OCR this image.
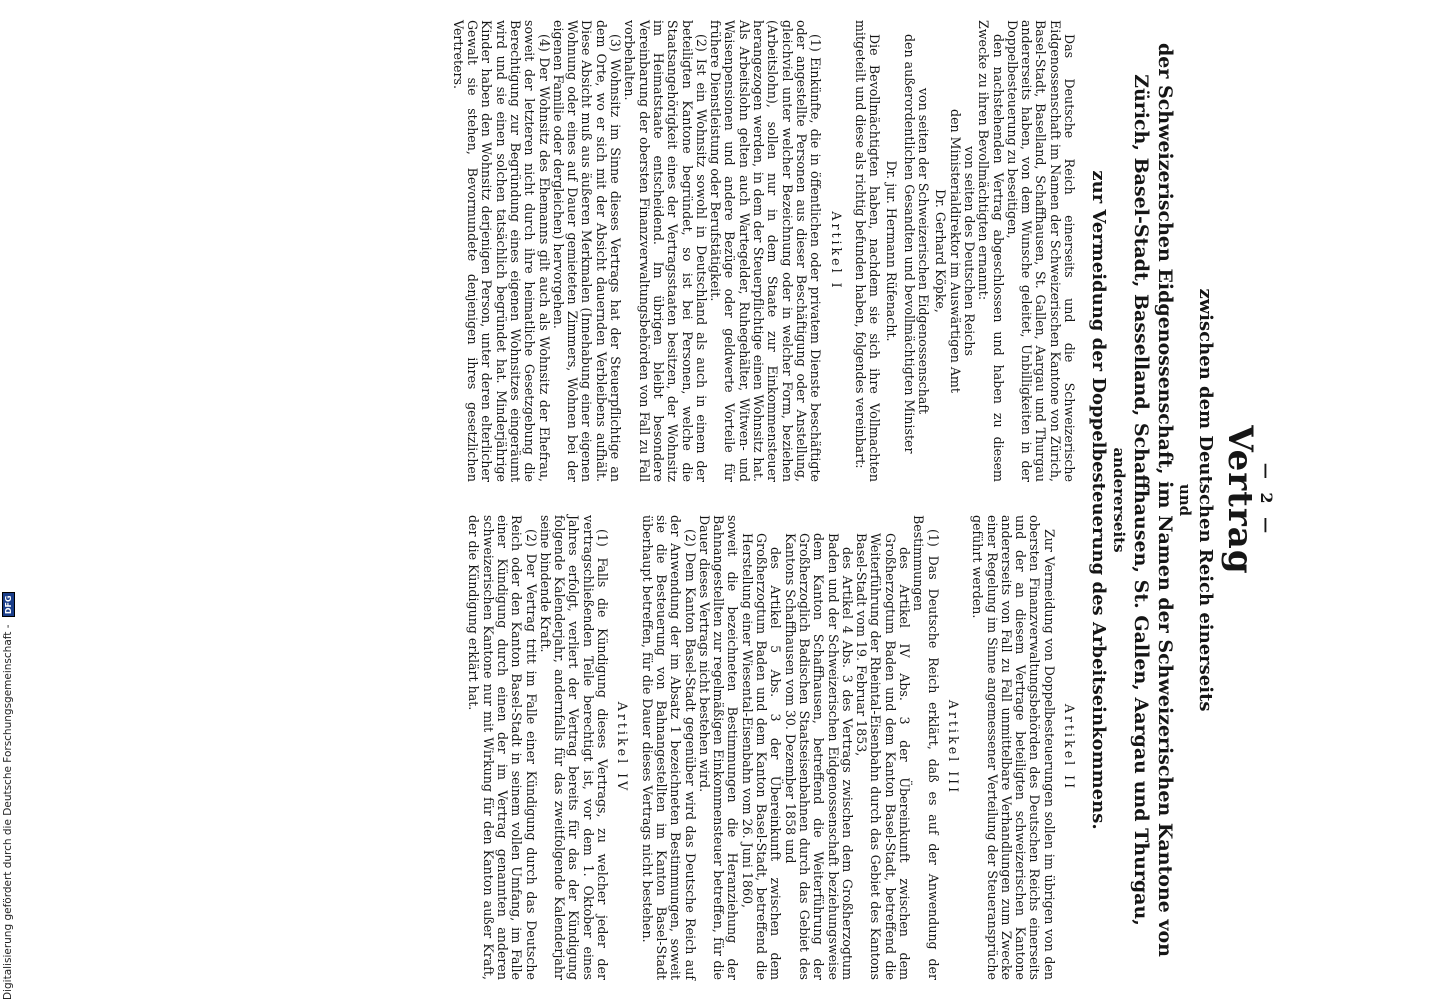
— 2 —
Vertrag
zwischen dem Deutschen Reich einerseits
und
der Schweizerischen Eidgenossenschaft, im Namen der Schweizerischen Kantone von
Zürich, Basel-Stadt, Basselland, Schaffhausen, St. Gallen, Aargau und Thurgau,
andererseits
zur Vermeidung der Doppelbesteuerung des Arbeitseinkommens.

Das Deutsche Reich einerseits und die Schweizerische Eidgenossenschaft im Namen der Schweizerischen Kantone von Zürich, Basel-Stadt, Baselland, Schaffhausen, St. Gallen, Aargau und Thurgau andererseits haben, von dem Wunsche geleitet, Unbilligkeiten in der Doppelbesteuerung zu beseitigen,

den nachstehenden Vertrag abgeschlossen und haben zu diesem Zwecke zu ihren Bevollmächtigten ernannt:

von seiten des Deutschen Reichs

den Ministerialdirektor im Auswärtigen Amt

Dr. Gerhard Köpke,

von seiten der Schweizerischen Eidgenossenschaft

den außerordentlichen Gesandten und bevollmächtigten Minister

Dr. jur. Hermann Rüfenacht.

Die Bevollmächtigten haben, nachdem sie sich ihre Vollmachten mitgeteilt und diese als richtig befunden haben, folgendes vereinbart:

Artikel I

(1) Einkünfte, die in öffentlichen oder privatem Dienste beschäftigte oder angestellte Personen aus dieser Beschäftigung oder Anstellung, gleichviel unter welcher Bezeichnung oder in welcher Form, beziehen (Arbeitslohn), sollen nur in dem Staate zur Einkommensteuer herangezogen werden, in dem der Steuerpflichtige einen Wohnsitz hat. Als Arbeitslohn gelten auch Wartegelder, Ruhegehälter, Witwen- und Waisenpensionen und andere Bezüge oder geldwerte Vorteile für frühere Dienstleistung oder Berufstätigkeit.

(2) Ist ein Wohnsitz sowohl in Deutschland als auch in einem der beteiligten Kantone begründet, so ist bei Personen, welche die Staatsangehörigkeit eines der Vertragsstaaten besitzen, der Wohnsitz im Heimatstaate entscheidend. Im übrigen bleibt besondere Vereinbarung der obersten Finanzverwaltungsbehörden von Fall zu Fall vorbehalten.

(3) Wohnsitz im Sinne dieses Vertrags hat der Steuerpflichtige an dem Orte, wo er sich mit der Absicht dauernden Verbleibens aufhält. Diese Absicht muß aus äußeren Merkmalen (Innehabung einer eigenen Wohnung oder eines auf Dauer gemieteten Zimmers, Wohnen bei der eigenen Familie oder dergleichen) hervorgehen.

(4) Der Wohnsitz des Ehemanns gilt auch als Wohnsitz der Ehefrau, soweit der letzteren nicht durch ihre heimatliche Gesetzgebung die Berechtigung zur Begründung eines eigenen Wohnsitzes eingeräumt wird und sie einen solchen tatsächlich begründet hat. Minderjährige Kinder haben den Wohnsitz derjenigen Person, unter deren elterlicher Gewalt sie stehen, Bevormundete denjenigen ihres gesetzlichen Vertreters.

Artikel II

Zur Vermeidung von Doppelbesteuerungen sollen im übrigen von den obersten Finanzverwaltungsbehörden des Deutschen Reichs einerseits und der an diesem Vertrage beteiligten schweizerischen Kantone andererseits von Fall zu Fall unmittelbare Verhandlungen zum Zwecke einer Regelung im Sinne angemessener Verteilung der Steueransprüche geführt werden.

Artikel III

(1) Das Deutsche Reich erklärt, daß es auf der Anwendung der Bestimmungen

des Artikel IV Abs. 3 der Übereinkunft zwischen dem Großherzogtum Baden und dem Kanton Basel-Stadt, betreffend die Weiterführung der Rheintal-Eisenbahn durch das Gebiet des Kantons Basel-Stadt vom 19. Februar 1853,

des Artikel 4 Abs. 3 des Vertrags zwischen dem Großherzogtum Baden und der Schweizerischen Eidgenossenschaft beziehungsweise dem Kanton Schaffhausen, betreffend die Weiterführung der Großherzoglich Badischen Staatseisenbahnen durch das Gebiet des Kantons Schaffhausen vom 30. Dezember 1858 und

des Artikel 5 Abs. 3 der Übereinkunft zwischen dem Großherzogtum Baden und dem Kanton Basel-Stadt, betreffend die Herstellung einer Wiesental-Eisenbahn vom 26. Juni 1860,

soweit die bezeichneten Bestimmungen die Heranziehung der Bahnangestellten zur regelmäßigen Einkommensteuer betreffen, für die Dauer dieses Vertrags nicht bestehen wird.

(2) Dem Kanton Basel-Stadt gegenüber wird das Deutsche Reich auf der Anwendung der im Absatz 1 bezeichneten Bestimmungen, soweit sie die Besteuerung von Bahnangestellten im Kanton Basel-Stadt überhaupt betreffen, für die Dauer dieses Vertrags nicht bestehen.

Artikel IV

(1) Falls die Kündigung dieses Vertrags, zu welcher jeder der vertragschließenden Teile berechtigt ist, vor dem 1. Oktober eines Jahres erfolgt, verliert der Vertrag bereits für das der Kündigung folgende Kalenderjahr, andernfalls für das zweitfolgende Kalenderjahr seine bindende Kraft.

(2) Der Vertrag tritt im Falle einer Kündigung durch das Deutsche Reich oder den Kanton Basel-Stadt in seinem vollen Umfang, im Falle einer Kündigung durch einen der im Vertrag genannten anderen schweizerischen Kantone nur mit Wirkung für den Kanton außer Kraft, der die Kündigung erklärt hat.

Digitalisierung gefördert durch die Deutsche Forschungsgemeinschaft - DFG
